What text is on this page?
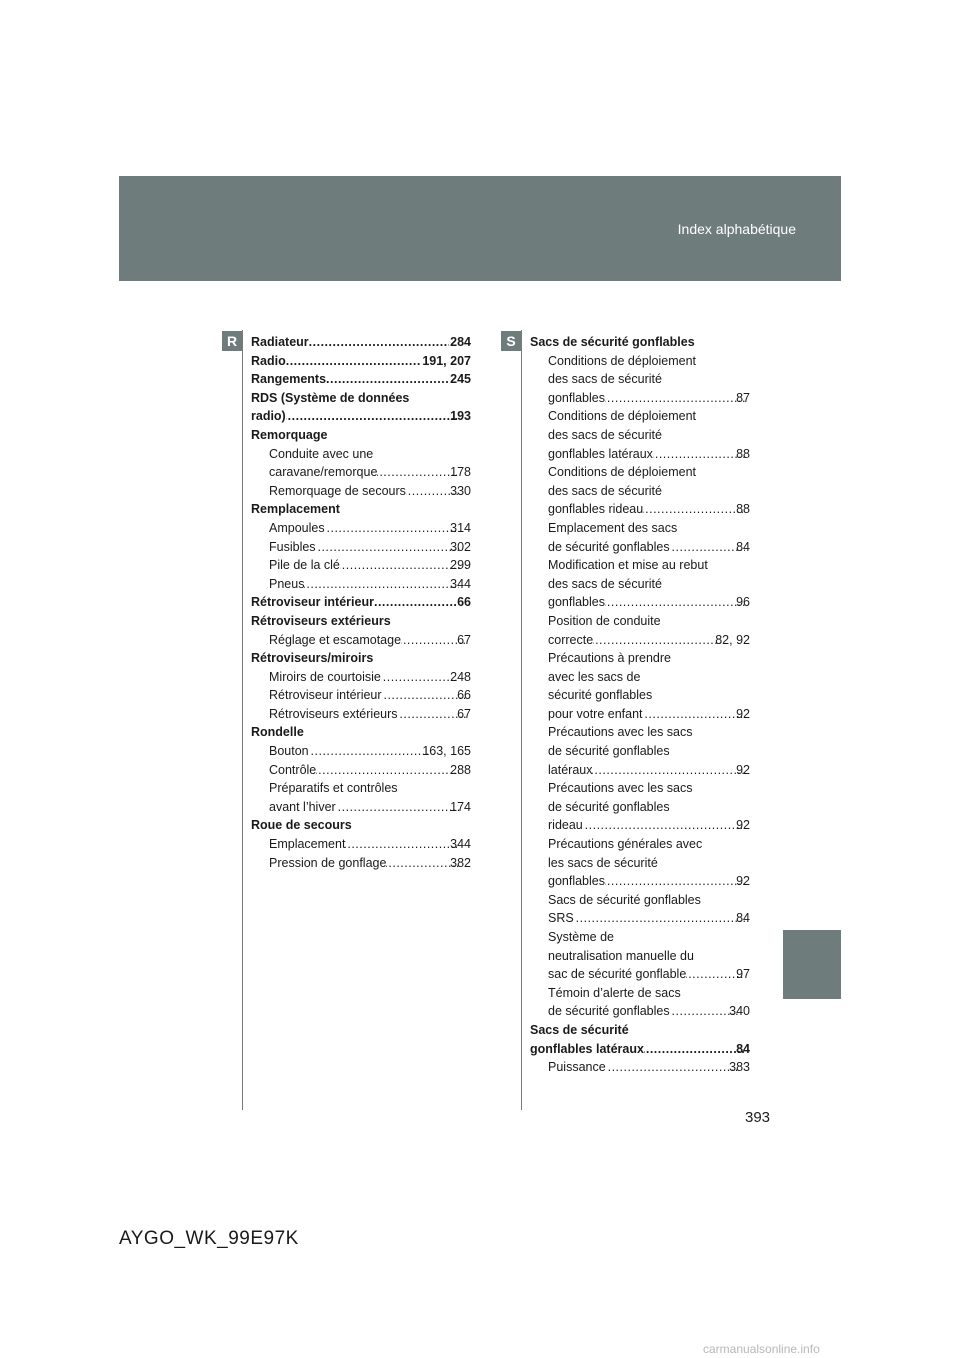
Index alphabétique
R	S
Radiateur .....	284
Radio .....	191, 207
Rangements .....	245
RDS (Système de données
radio) .....	193
Remorquage
Conduite avec une
caravane/remorque .....	178
Remorquage de secours .....	330
Remplacement
Ampoules .....	314
Fusibles .....	302
Pile de la clé .....	299
Pneus .....	344
Rétroviseur intérieur .....	66
Rétroviseurs extérieurs
Réglage et escamotage .....	67
Rétroviseurs/miroirs
Miroirs de courtoisie .....	248
Rétroviseur intérieur .....	66
Rétroviseurs extérieurs .....	67
Rondelle
Bouton .....	163, 165
Contrôle .....	288
Préparatifs et contrôles
avant l’hiver .....	174
Roue de secours
Emplacement .....	344
Pression de gonflage .....	382
Sacs de sécurité gonflables
Conditions de déploiement
des sacs de sécurité
gonflables .....	87
Conditions de déploiement
des sacs de sécurité
gonflables latéraux .....	88
Conditions de déploiement
des sacs de sécurité
gonflables rideau .....	88
Emplacement des sacs
de sécurité gonflables .....	84
Modification et mise au rebut
des sacs de sécurité
gonflables .....	96
Position de conduite
correcte .....	82, 92
Précautions à prendre
avec les sacs de
sécurité gonflables
pour votre enfant .....	92
Précautions avec les sacs
de sécurité gonflables
latéraux .....	92
Précautions avec les sacs
de sécurité gonflables
rideau .....	92
Précautions générales avec
les sacs de sécurité
gonflables .....	92
Sacs de sécurité gonflables
SRS .....	84
Système de
neutralisation manuelle du
sac de sécurité gonflable .....	97
Témoin d’alerte de sacs
de sécurité gonflables .....	340
Sacs de sécurité
gonflables latéraux .....	84
Puissance .....	383
393
AYGO_WK_99E97K
carmanualsonline.info
